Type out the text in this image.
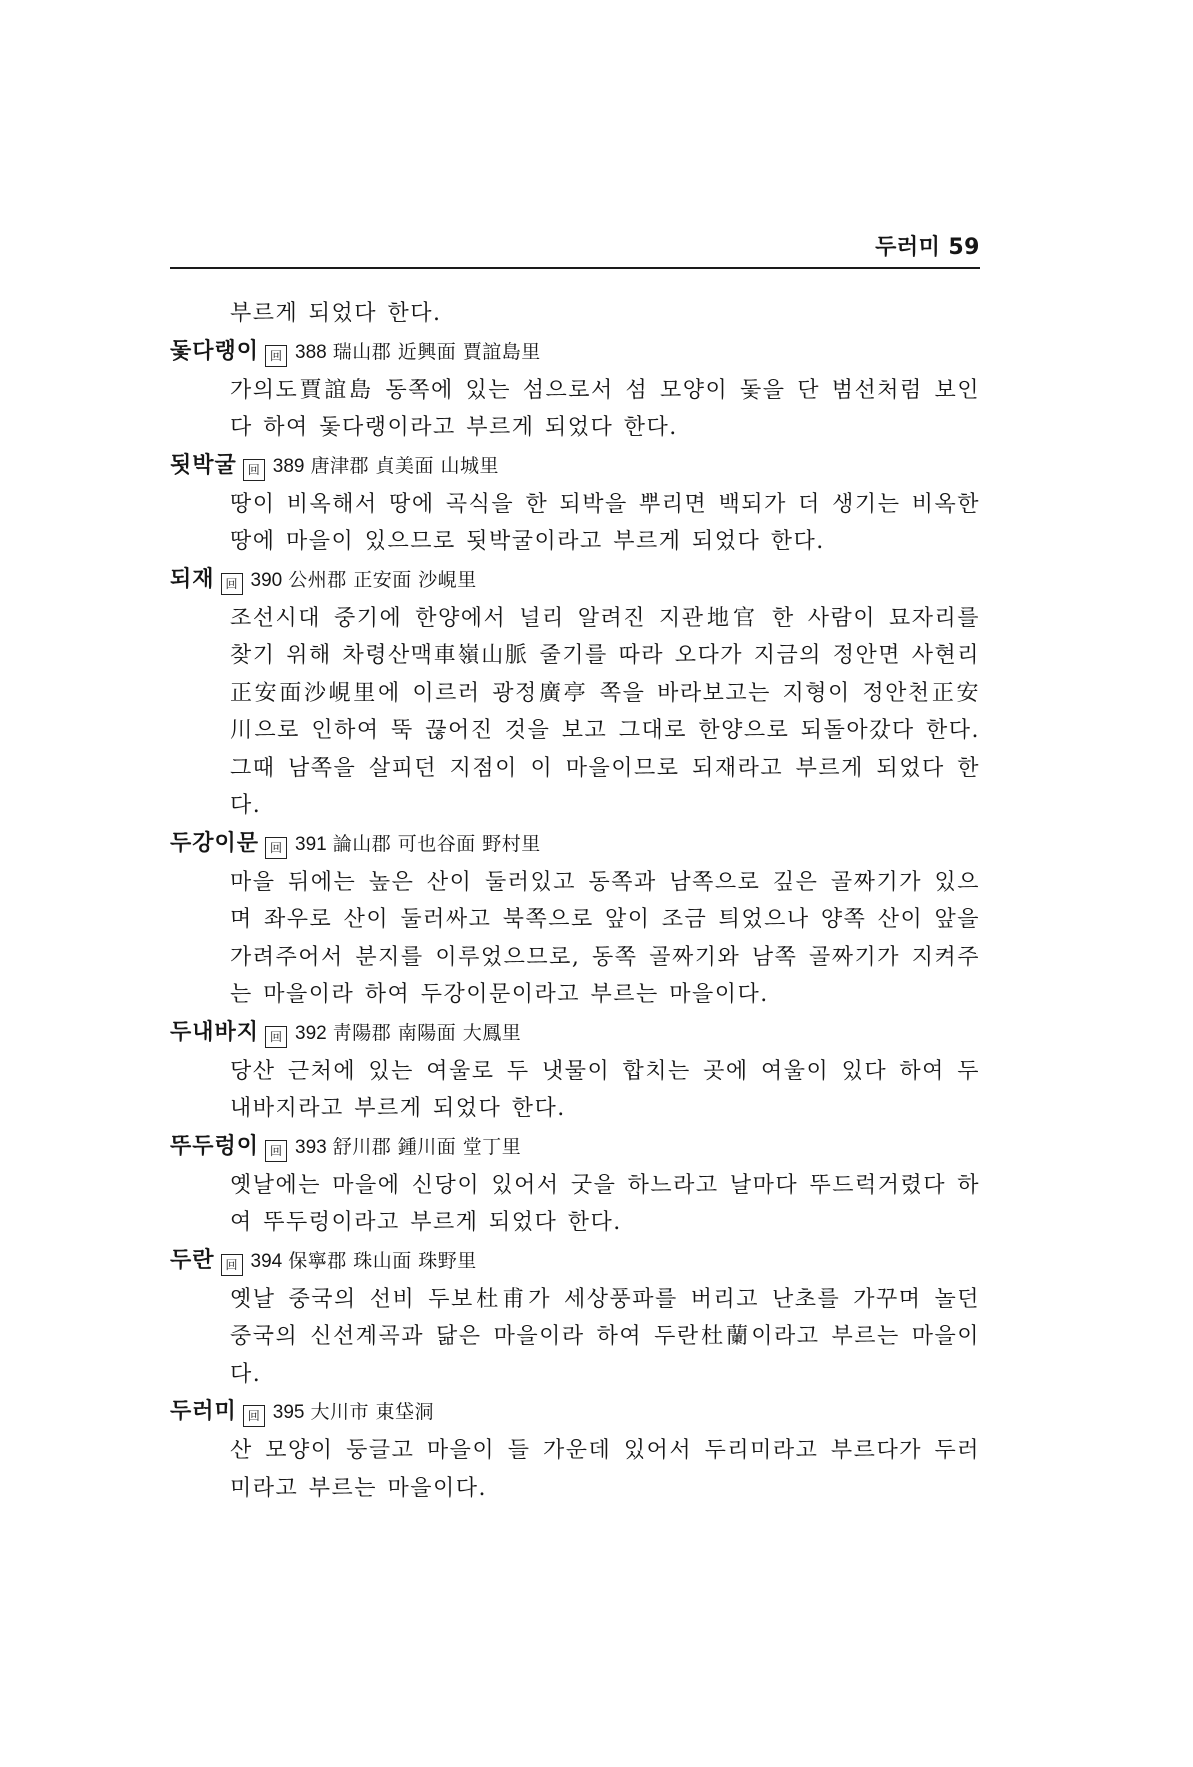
두러미 59

부르게 되었다 한다.

돛다랭이 回 388 瑞山郡 近興面 賈誼島里

가의도賈誼島 동쪽에 있는 섬으로서 섬 모양이 돛을 단 범선처럼 보인다 하여 돛다랭이라고 부르게 되었다 한다.

됫박굴 回 389 唐津郡 貞美面 山城里

땅이 비옥해서 땅에 곡식을 한 되박을 뿌리면 백되가 더 생기는 비옥한 땅에 마을이 있으므로 됫박굴이라고 부르게 되었다 한다.

되재 回 390 公州郡 正安面 沙峴里

조선시대 중기에 한양에서 널리 알려진 지관地官 한 사람이 묘자리를 찾기 위해 차령산맥車嶺山脈 줄기를 따라 오다가 지금의 정안면 사현리正安面沙峴里에 이르러 광정廣亭 쪽을 바라보고는 지형이 정안천正安川으로 인하여 뚝 끊어진 것을 보고 그대로 한양으로 되돌아갔다 한다. 그때 남쪽을 살피던 지점이 이 마을이므로 되재라고 부르게 되었다 한다.

두강이문 回 391 論山郡 可也谷面 野村里

마을 뒤에는 높은 산이 둘러있고 동쪽과 남쪽으로 깊은 골짜기가 있으며 좌우로 산이 둘러싸고 북쪽으로 앞이 조금 틔었으나 양쪽 산이 앞을 가려주어서 분지를 이루었으므로, 동쪽 골짜기와 남쪽 골짜기가 지켜주는 마을이라 하여 두강이문이라고 부르는 마을이다.

두내바지 回 392 靑陽郡 南陽面 大鳳里

당산 근처에 있는 여울로 두 냇물이 합치는 곳에 여울이 있다 하여 두내바지라고 부르게 되었다 한다.

뚜두렁이 回 393 舒川郡 鍾川面 堂丁里

옛날에는 마을에 신당이 있어서 굿을 하느라고 날마다 뚜드럭거렸다 하여 뚜두렁이라고 부르게 되었다 한다.

두란 回 394 保寧郡 珠山面 珠野里

옛날 중국의 선비 두보杜甫가 세상풍파를 버리고 난초를 가꾸며 놀던 중국의 신선계곡과 닮은 마을이라 하여 두란杜蘭이라고 부르는 마을이다.

두러미 回 395 大川市 東垈洞

산 모양이 둥글고 마을이 들 가운데 있어서 두리미라고 부르다가 두러미라고 부르는 마을이다.
